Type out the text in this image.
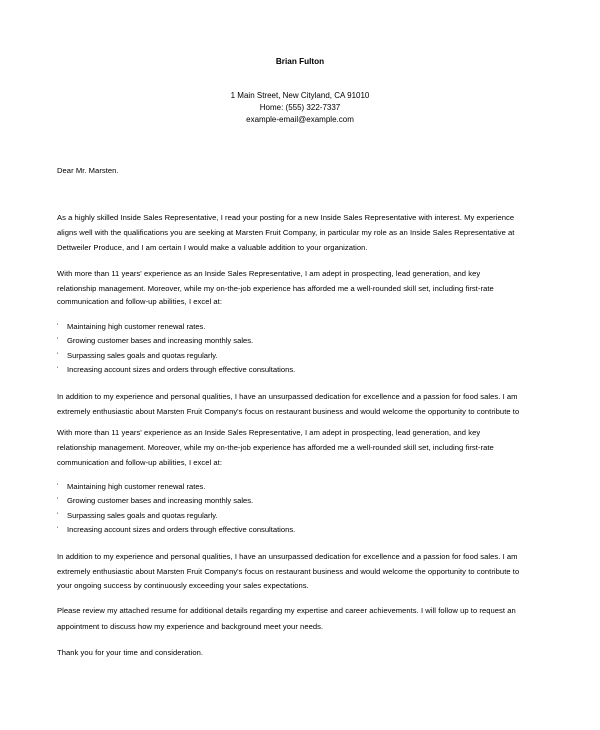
Brian Fulton
1 Main Street, New Cityland, CA 91010
Home: (555) 322-7337
example-email@example.com
Dear Mr. Marsten.
As a highly skilled Inside Sales Representative, I read your posting for a new Inside Sales Representative with interest. My experience
aligns well with the qualifications you are seeking at Marsten Fruit Company, in particular my role as an Inside Sales Representative at
Dettweiler Produce, and I am certain I would make a valuable addition to your organization.
With more than 11 years' experience as an Inside Sales Representative, I am adept in prospecting, lead generation, and key
relationship management. Moreover, while my on-the-job experience has afforded me a well-rounded skill set, including first-rate
communication and follow-up abilities, I excel at:
' Maintaining high customer renewal rates.
' Growing customer bases and increasing monthly sales.
' Surpassing sales goals and quotas regularly.
' Increasing account sizes and orders through effective consultations.
In addition to my experience and personal qualities, I have an unsurpassed dedication for excellence and a passion for food sales. I am
extremely enthusiastic about Marsten Fruit Company's focus on restaurant business and would welcome the opportunity to contribute to
With more than 11 years' experience as an Inside Sales Representative, I am adept in prospecting, lead generation, and key
relationship management. Moreover, while my on-the-job experience has afforded me a well-rounded skill set, including first-rate
communication and follow-up abilities, I excel at:
' Maintaining high customer renewal rates.
' Growing customer bases and increasing monthly sales.
' Surpassing sales goals and quotas regularly.
' Increasing account sizes and orders through effective consultations.
In addition to my experience and personal qualities, I have an unsurpassed dedication for excellence and a passion for food sales. I am
extremely enthusiastic about Marsten Fruit Company's focus on restaurant business and would welcome the opportunity to contribute to
your ongoing success by continuously exceeding your sales expectations.
Please review my attached resume for additional details regarding my expertise and career achievements. I will follow up to request an
appointment to discuss how my experience and background meet your needs.
Thank you for your time and consideration.
